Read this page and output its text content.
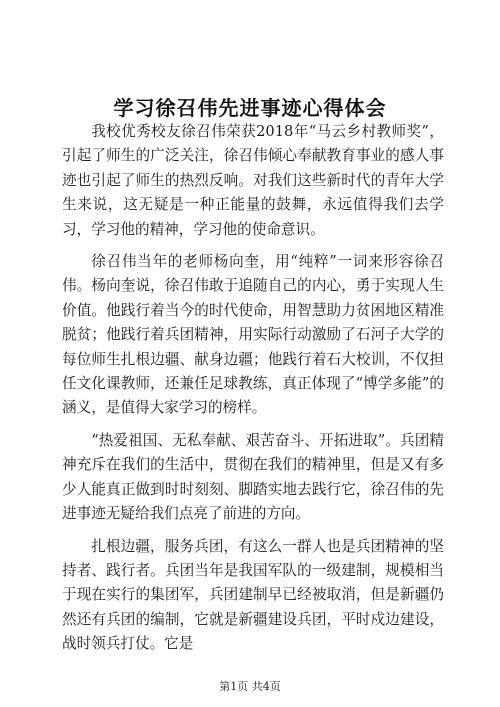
学习徐召伟先进事迹心得体会

我校优秀校友徐召伟荣获2018年“马云乡村教师奖”，引起了师生的广泛关注，徐召伟倾心奉献教育事业的感人事迹也引起了师生的热烈反响。对我们这些新时代的青年大学生来说，这无疑是一种正能量的鼓舞，永远值得我们去学习，学习他的精神，学习他的使命意识。

徐召伟当年的老师杨向奎，用“纯粹”一词来形容徐召伟。杨向奎说，徐召伟敢于追随自己的内心，勇于实现人生价值。他践行着当今的时代使命，用智慧助力贫困地区精准脱贫；他践行着兵团精神，用实际行动激励了石河子大学的每位师生扎根边疆、献身边疆；他践行着石大校训，不仅担任文化课教师，还兼任足球教练，真正体现了“博学多能”的涵义，是值得大家学习的榜样。

“热爱祖国、无私奉献、艰苦奋斗、开拓进取”。兵团精神充斥在我们的生活中，贯彻在我们的精神里，但是又有多少人能真正做到时时刻刻、脚踏实地去践行它，徐召伟的先进事迹无疑给我们点亮了前进的方向。

扎根边疆，服务兵团，有这么一群人也是兵团精神的坚持者、践行者。兵团当年是我国军队的一级建制，规模相当于现在实行的集团军，兵团建制早已经被取消，但是新疆仍然还有兵团的编制，它就是新疆建设兵团，平时戍边建设，战时领兵打仗。它是

第1页 共4页
